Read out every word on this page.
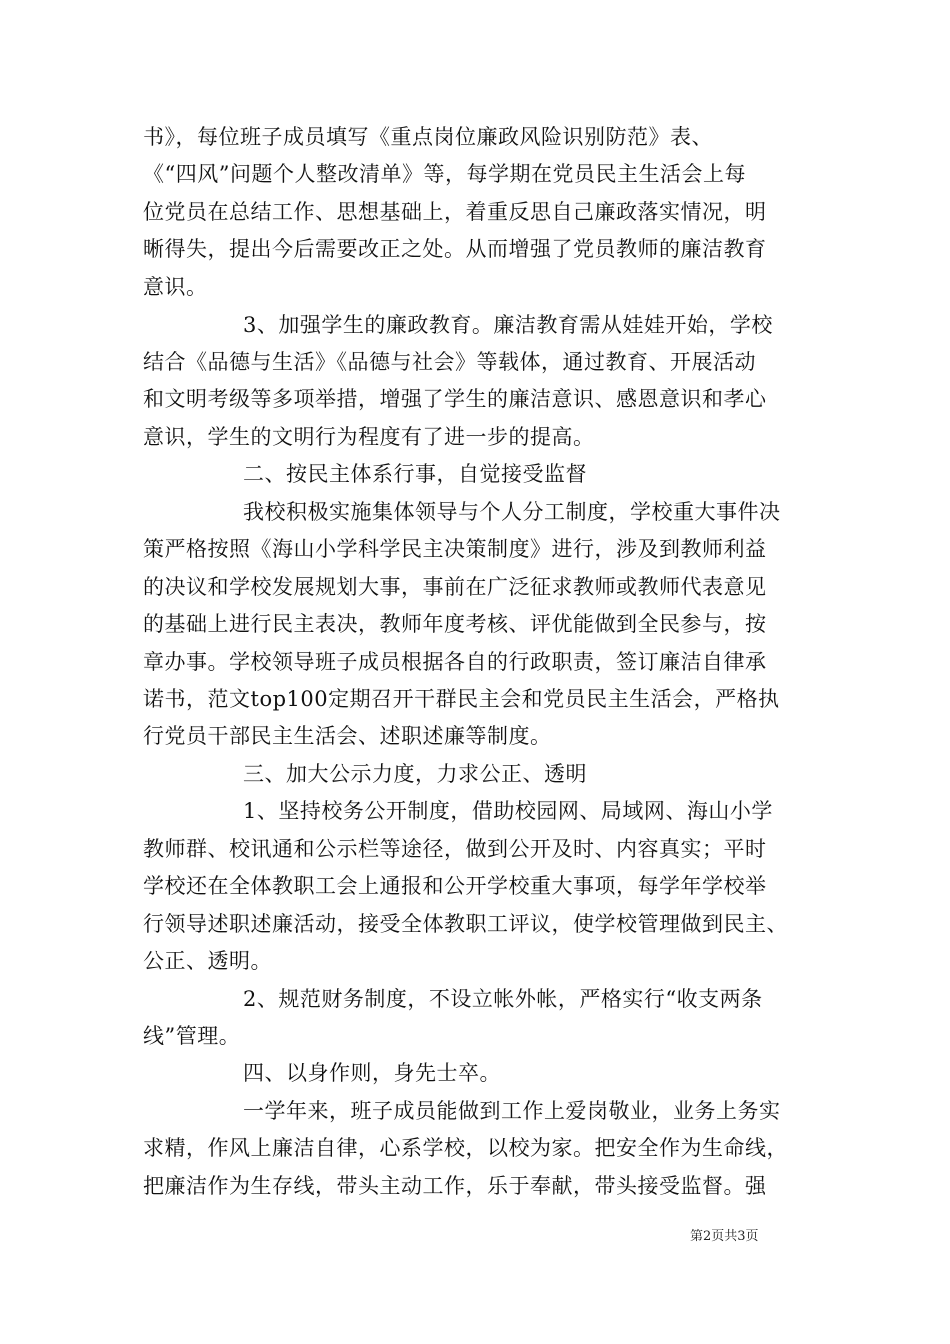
书》，每位班子成员填写《重点岗位廉政风险识别防范》表、
《“四风”问题个人整改清单》等，每学期在党员民主生活会上每
位党员在总结工作、思想基础上，着重反思自己廉政落实情况，明
晰得失，提出今后需要改正之处。从而增强了党员教师的廉洁教育
意识。
3、加强学生的廉政教育。廉洁教育需从娃娃开始，学校
结合《品德与生活》《品德与社会》等载体，通过教育、开展活动
和文明考级等多项举措，增强了学生的廉洁意识、感恩意识和孝心
意识，学生的文明行为程度有了进一步的提高。
二、按民主体系行事，自觉接受监督
我校积极实施集体领导与个人分工制度，学校重大事件决
策严格按照《海山小学科学民主决策制度》进行，涉及到教师利益
的决议和学校发展规划大事，事前在广泛征求教师或教师代表意见
的基础上进行民主表决，教师年度考核、评优能做到全民参与，按
章办事。学校领导班子成员根据各自的行政职责，签订廉洁自律承
诺书，范文top100定期召开干群民主会和党员民主生活会，严格执
行党员干部民主生活会、述职述廉等制度。
三、加大公示力度，力求公正、透明
1、坚持校务公开制度，借助校园网、局域网、海山小学
教师群、校讯通和公示栏等途径，做到公开及时、内容真实；平时
学校还在全体教职工会上通报和公开学校重大事项，每学年学校举
行领导述职述廉活动，接受全体教职工评议，使学校管理做到民主、
公正、透明。
2、规范财务制度，不设立帐外帐，严格实行“收支两条
线”管理。
四、以身作则，身先士卒。
一学年来，班子成员能做到工作上爱岗敬业，业务上务实
求精，作风上廉洁自律，心系学校，以校为家。把安全作为生命线，
把廉洁作为生存线，带头主动工作，乐于奉献，带头接受监督。强
第2页共3页
